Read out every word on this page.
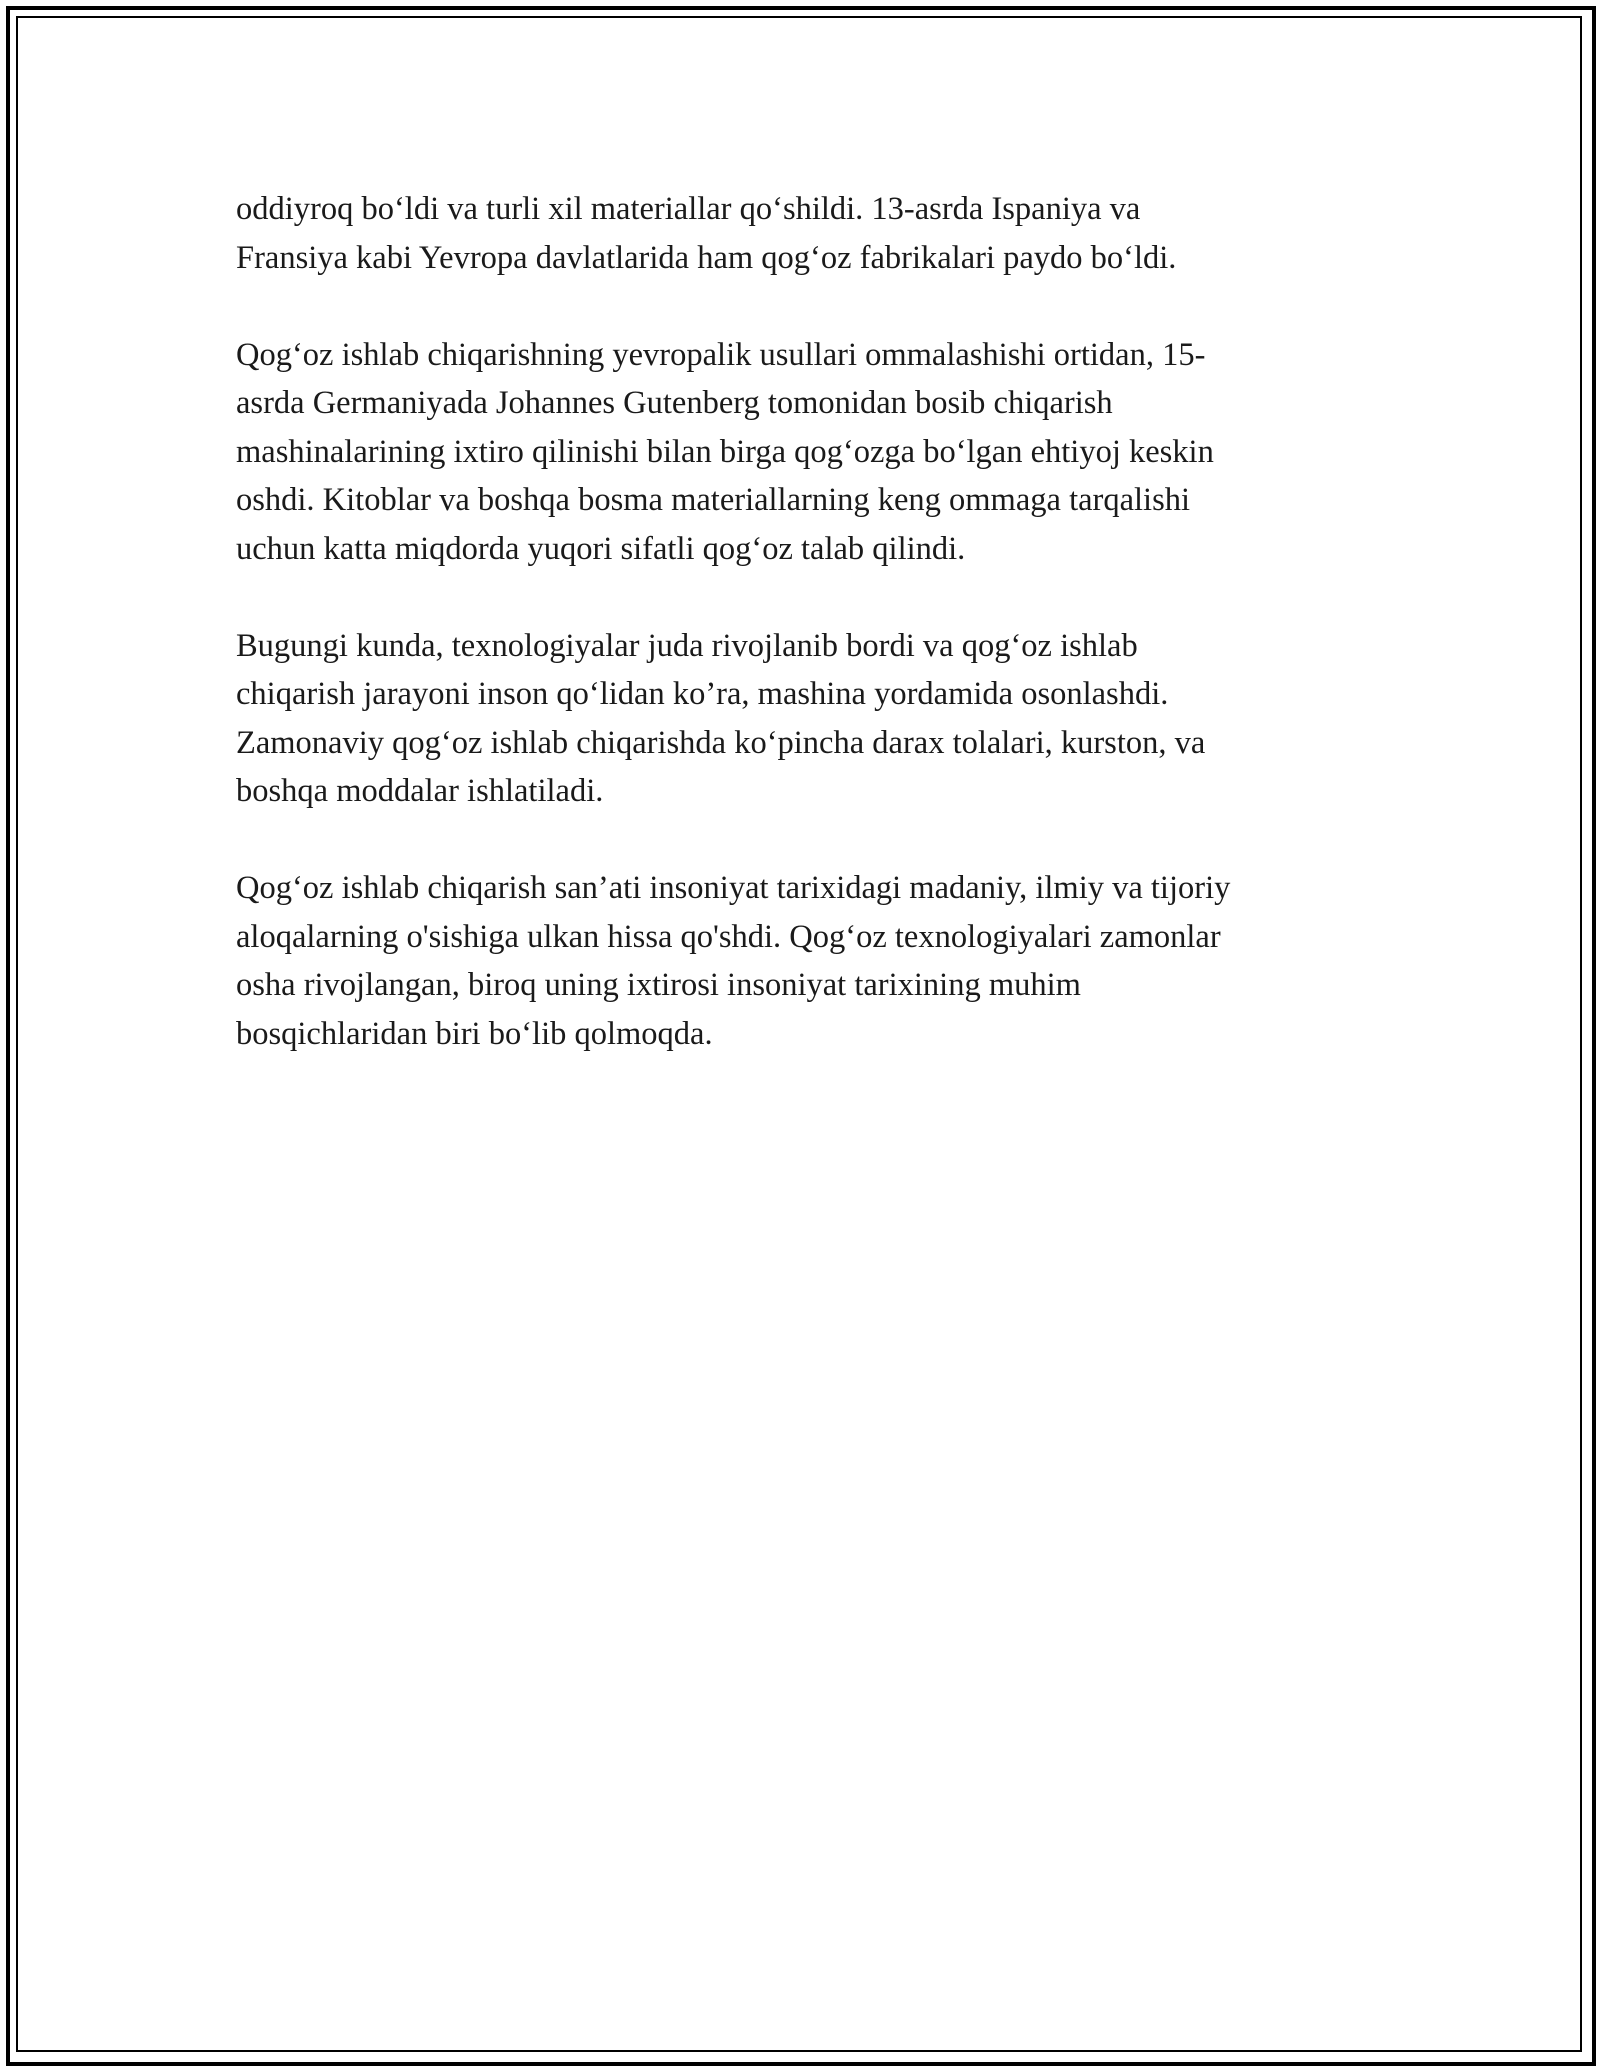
oddiyroq bo‘ldi va turli xil materiallar qo‘shildi. 13-asrda Ispaniya va
Fransiya kabi Yevropa davlatlarida ham qog‘oz fabrikalari paydo bo‘ldi.

Qog‘oz ishlab chiqarishning yevropalik usullari ommalashishi ortidan, 15-
asrda Germaniyada Johannes Gutenberg tomonidan bosib chiqarish
mashinalarining ixtiro qilinishi bilan birga qog‘ozga bo‘lgan ehtiyoj keskin
oshdi. Kitoblar va boshqa bosma materiallarning keng ommaga tarqalishi
uchun katta miqdorda yuqori sifatli qog‘oz talab qilindi.

Bugungi kunda, texnologiyalar juda rivojlanib bordi va qog‘oz ishlab
chiqarish jarayoni inson qo‘lidan ko’ra, mashina yordamida osonlashdi.
Zamonaviy qog‘oz ishlab chiqarishda ko‘pincha darax tolalari, kurston, va
boshqa moddalar ishlatiladi.

Qog‘oz ishlab chiqarish san’ati insoniyat tarixidagi madaniy, ilmiy va tijoriy
aloqalarning o'sishiga ulkan hissa qo'shdi. Qog‘oz texnologiyalari zamonlar
osha rivojlangan, biroq uning ixtirosi insoniyat tarixining muhim
bosqichlaridan biri bo‘lib qolmoqda.
